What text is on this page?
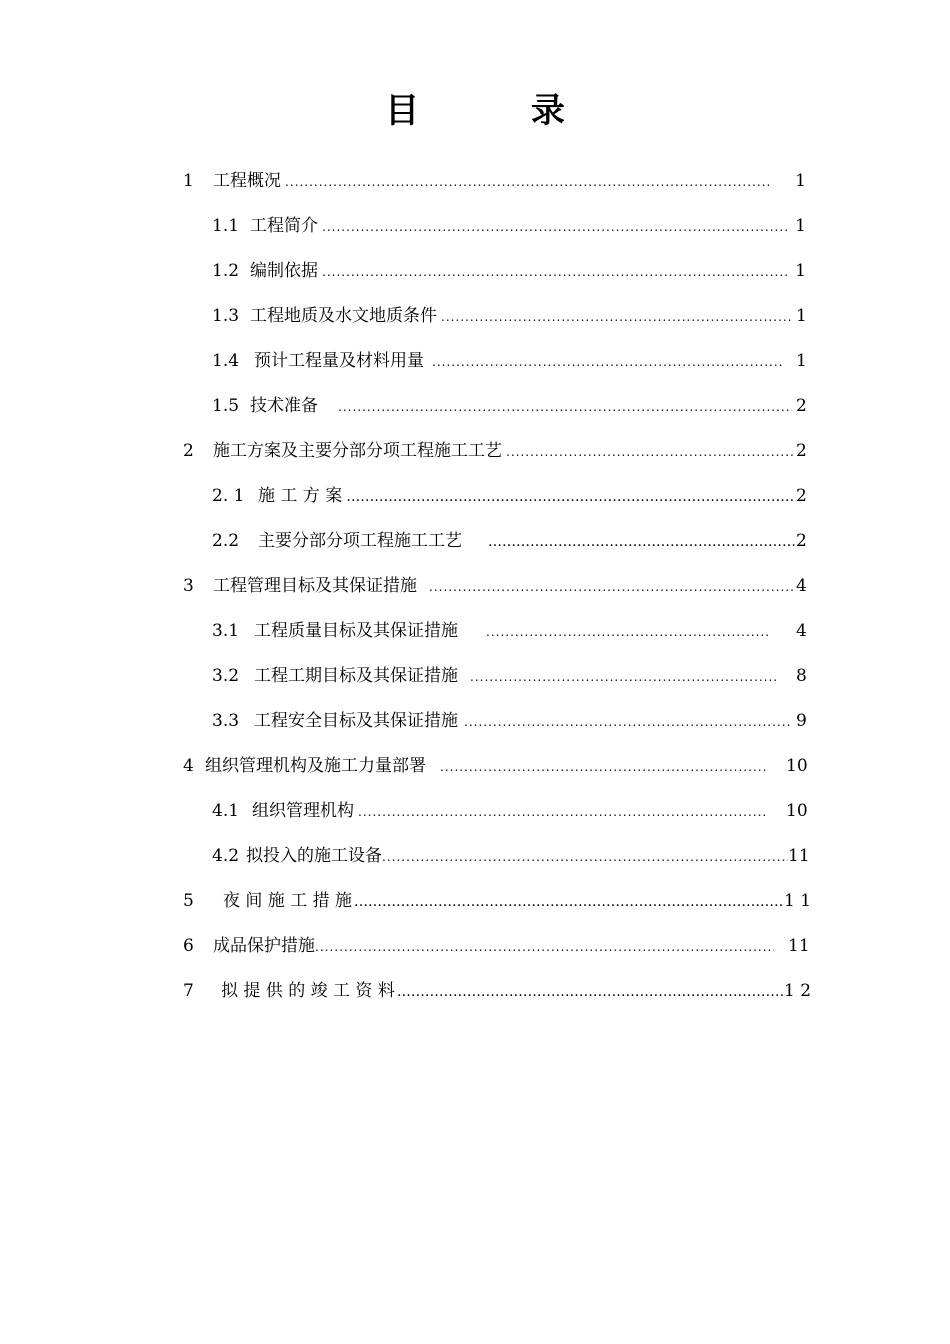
目 录
1	工程概况 .....	1
1.1 工程简介 .....	1
1.2 编制依据 .....	1
1.3 工程地质及水文地质条件 .....	1
1.4 预计工程量及材料用量 .....	1
1.5 技术准备 .....	2
2	施工方案及主要分部分项工程施工工艺 .....	2
2. 1 施 工 方 案 …………………………………………………………………………………………………………………………………………	2
2.2	主要分部分项工程施工工艺 …………………………………………………………………………………………………………………………………………	2
3	工程管理目标及其保证措施 .....	4
3.1 工程质量目标及其保证措施 .....	4
3.2 工程工期目标及其保证措施 .....	8
3.3 工程安全目标及其保证措施 .....	9
4 组织管理机构及施工力量部署 .....	10
4.1 组织管理机构 .....	10
4.2 拟投入的施工设备 .....	11
5	夜 间 施 工 措 施 …………………………………………………………………………………………………………………………………………	1 1
6	成品保护措施 .....	11
7	拟 提 供 的 竣 工 资 料 …………………………………………………………………………………………………………………………………………	1 2
